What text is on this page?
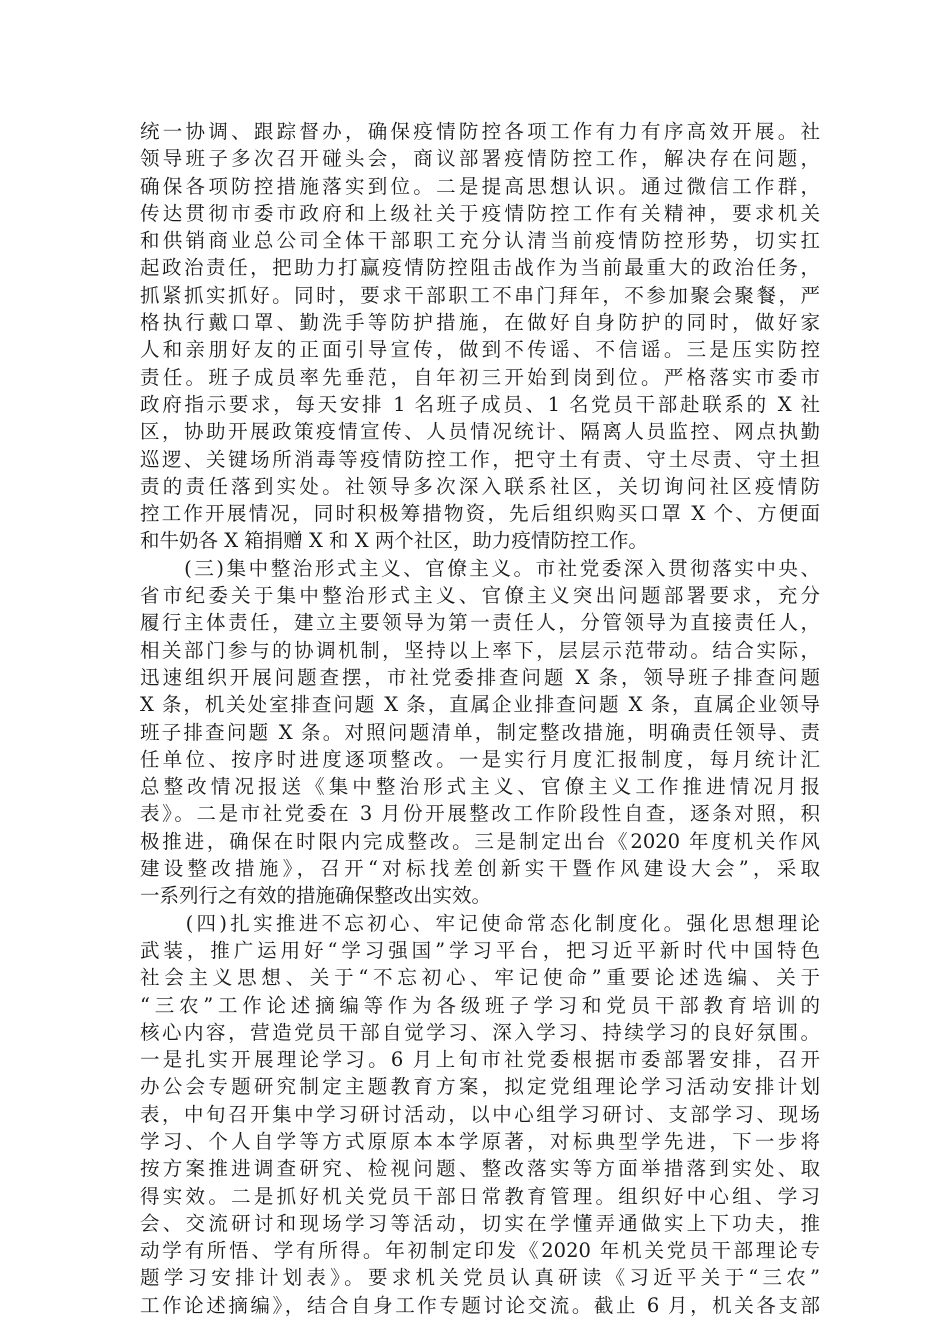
统一协调、跟踪督办，确保疫情防控各项工作有力有序高效开展。社
领导班子多次召开碰头会，商议部署疫情防控工作，解决存在问题，
确保各项防控措施落实到位。二是提高思想认识。通过微信工作群，
传达贯彻市委市政府和上级社关于疫情防控工作有关精神，要求机关
和供销商业总公司全体干部职工充分认清当前疫情防控形势，切实扛
起政治责任，把助力打赢疫情防控阻击战作为当前最重大的政治任务，
抓紧抓实抓好。同时，要求干部职工不串门拜年，不参加聚会聚餐，严
格执行戴口罩、勤洗手等防护措施，在做好自身防护的同时，做好家
人和亲朋好友的正面引导宣传，做到不传谣、不信谣。三是压实防控
责任。班子成员率先垂范，自年初三开始到岗到位。严格落实市委市
政府指示要求，每天安排 1 名班子成员、1 名党员干部赴联系的 X 社
区，协助开展政策疫情宣传、人员情况统计、隔离人员监控、网点执勤
巡逻、关键场所消毒等疫情防控工作，把守土有责、守土尽责、守土担
责的责任落到实处。社领导多次深入联系社区，关切询问社区疫情防
控工作开展情况，同时积极筹措物资，先后组织购买口罩 X 个、方便面
和牛奶各 X 箱捐赠 X 和 X 两个社区，助力疫情防控工作。
　　(三)集中整治形式主义、官僚主义。市社党委深入贯彻落实中央、
省市纪委关于集中整治形式主义、官僚主义突出问题部署要求，充分
履行主体责任，建立主要领导为第一责任人，分管领导为直接责任人，
相关部门参与的协调机制，坚持以上率下，层层示范带动。结合实际，
迅速组织开展问题查摆，市社党委排查问题 X 条，领导班子排查问题
X 条，机关处室排查问题 X 条，直属企业排查问题 X 条，直属企业领导
班子排查问题 X 条。对照问题清单，制定整改措施，明确责任领导、责
任单位、按序时进度逐项整改。一是实行月度汇报制度，每月统计汇
总整改情况报送《集中整治形式主义、官僚主义工作推进情况月报
表》。二是市社党委在 3 月份开展整改工作阶段性自查，逐条对照，积
极推进，确保在时限内完成整改。三是制定出台《2020 年度机关作风
建设整改措施》，召开“对标找差创新实干暨作风建设大会”，采取
一系列行之有效的措施确保整改出实效。
　　(四)扎实推进不忘初心、牢记使命常态化制度化。强化思想理论
武装，推广运用好“学习强国”学习平台，把习近平新时代中国特色
社会主义思想、关于“不忘初心、牢记使命”重要论述选编、关于
“三农”工作论述摘编等作为各级班子学习和党员干部教育培训的
核心内容，营造党员干部自觉学习、深入学习、持续学习的良好氛围。
一是扎实开展理论学习。6 月上旬市社党委根据市委部署安排，召开
办公会专题研究制定主题教育方案，拟定党组理论学习活动安排计划
表，中旬召开集中学习研讨活动，以中心组学习研讨、支部学习、现场
学习、个人自学等方式原原本本学原著，对标典型学先进，下一步将
按方案推进调查研究、检视问题、整改落实等方面举措落到实处、取
得实效。二是抓好机关党员干部日常教育管理。组织好中心组、学习
会、交流研讨和现场学习等活动，切实在学懂弄通做实上下功夫，推
动学有所悟、学有所得。年初制定印发《2020 年机关党员干部理论专
题学习安排计划表》。要求机关党员认真研读《习近平关于“三农”
工作论述摘编》，结合自身工作专题讨论交流。截止 6 月，机关各支部
